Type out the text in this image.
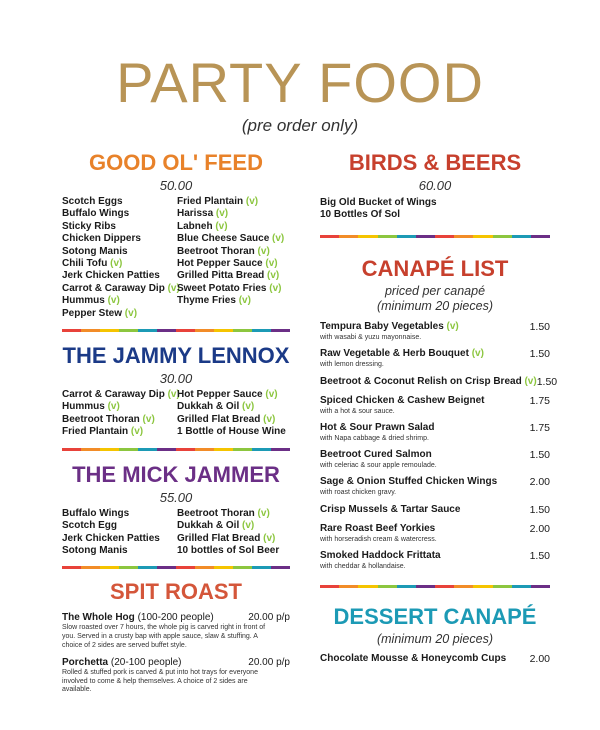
PARTY FOOD
(pre order only)
GOOD OL' FEED
50.00
Scotch Eggs
Buffalo Wings
Sticky Ribs
Chicken Dippers
Sotong Manis
Chili Tofu (v)
Jerk Chicken Patties
Carrot & Caraway Dip (v)
Hummus (v)
Pepper Stew (v)
Fried Plantain (v)
Harissa (v)
Labneh (v)
Blue Cheese Sauce (v)
Beetroot Thoran (v)
Hot Pepper Sauce (v)
Grilled Pitta Bread (v)
Sweet Potato Fries (v)
Thyme Fries (v)
THE JAMMY LENNOX
30.00
Carrot & Caraway Dip (v)
Hummus (v)
Beetroot Thoran (v)
Fried Plantain (v)
Hot Pepper Sauce (v)
Dukkah & Oil (v)
Grilled Flat Bread (v)
1 Bottle of House Wine
THE MICK JAMMER
55.00
Buffalo Wings
Scotch Egg
Jerk Chicken Patties
Sotong Manis
Beetroot Thoran (v)
Dukkah & Oil (v)
Grilled Flat Bread (v)
10 bottles of Sol Beer
SPIT ROAST
The Whole Hog (100-200 people)	20.00 p/p
Slow roasted over 7 hours, the whole pig is carved right in front of you. Served in a crusty bap with apple sauce, slaw & stuffing. A choice of 2 sides are served buffet style.
Porchetta (20-100 people)	20.00 p/p
Rolled & stuffed pork is carved & put into hot trays for everyone involved to come & help themselves. A choice of 2 sides are available.
BIRDS & BEERS
60.00
Big Old Bucket of Wings
10 Bottles Of Sol
CANAPÉ LIST
priced per canapé
(minimum 20 pieces)
Tempura Baby Vegetables (v)
with wasabi & yuzu mayonnaise.
1.50
Raw Vegetable & Herb Bouquet (v)
with lemon dressing.
1.50
Beetroot & Coconut Relish on Crisp Bread (v) 1.50
Spiced Chicken & Cashew Beignet
with a hot & sour sauce.
1.75
Hot & Sour Prawn Salad
with Napa cabbage & dried shrimp.
1.75
Beetroot Cured Salmon
with celeriac & sour apple remoulade.
1.50
Sage & Onion Stuffed Chicken Wings
with roast chicken gravy.
2.00
Crisp Mussels & Tartar Sauce	1.50
Rare Roast Beef Yorkies
with horseradish cream & watercress.
2.00
Smoked Haddock Frittata
with cheddar & hollandaise.
1.50
DESSERT CANAPÉ
(minimum 20 pieces)
Chocolate Mousse & Honeycomb Cups 2.00
